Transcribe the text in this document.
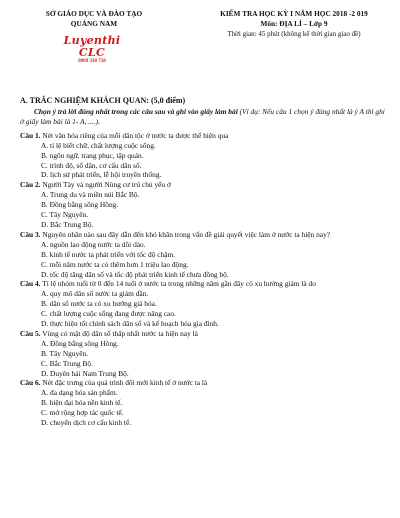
SỞ GIÁO DỤC VÀ ĐÀO TẠO
QUẢNG NAM
KIỂM TRA HỌC KỲ I NĂM HỌC 2018 -2 019
Môn: ĐỊA LÍ – Lớp 9
Thời gian: 45 phút (không kể thời gian giao đề)
Luyenthi CLC
0969 330 758
A. TRẮC NGHIỆM KHÁCH QUAN: (5,0 điểm)
Chọn ý trả lời đúng nhất trong các câu sau và ghi vào giấy làm bài (Ví dụ: Nếu câu 1 chọn ý đúng nhất là ý A thì ghi ở giấy làm bài là 1- A, ....).
Câu 1. Nét văn hóa riêng của mỗi dân tộc ở nước ta được thể hiện qua
A. tỉ lệ biết chữ, chất lượng cuộc sống.
B. ngôn ngữ, trang phục, tập quán.
C. trình độ, số dân, cơ cấu dân số.
D. lịch sử phát triển, lễ hội truyền thống.
Câu 2. Người Tày và người Nùng cư trú chủ yếu ở
A. Trung du và miền núi Bắc Bộ.
B. Đồng bằng sông Hồng.
C. Tây Nguyên.
D. Bắc Trung Bộ.
Câu 3. Nguyên nhân nào sau đây dẫn đến khó khăn trong vấn đề giải quyết việc làm ở nước ta hiện nay?
A. nguồn lao động nước ta dồi dào.
B. kinh tế nước ta phát triển với tốc độ chậm.
C. mỗi năm nước ta có thêm hơn 1 triệu lao động.
D. tốc độ tăng dân số và tốc độ phát triển kinh tế chưa đồng bộ.
Câu 4. Tỉ lệ nhóm tuổi từ 0 đến 14 tuổi ở nước ta trong những năm gần đây có xu hướng giảm là do
A. quy mô dân số nước ta giảm dần.
B. dân số nước ta có xu hướng già hóa.
C. chất lượng cuộc sống đang được nâng cao.
D. thực hiện tốt chính sách dân số và kế hoạch hóa gia đình.
Câu 5. Vùng có mật độ dân số thấp nhất nước ta hiện nay là
A. Đồng bằng sông Hồng.
B. Tây Nguyên.
C. Bắc Trung Bộ.
D. Duyên hải Nam Trung Bộ.
Câu 6. Nét đặc trưng của quá trình đổi mới kinh tế ở nước ta là
A. đa dạng hóa sản phẩm.
B. hiện đại hóa nền kinh tế.
C. mở rộng hợp tác quốc tế.
D. chuyển dịch cơ cấu kinh tế.
